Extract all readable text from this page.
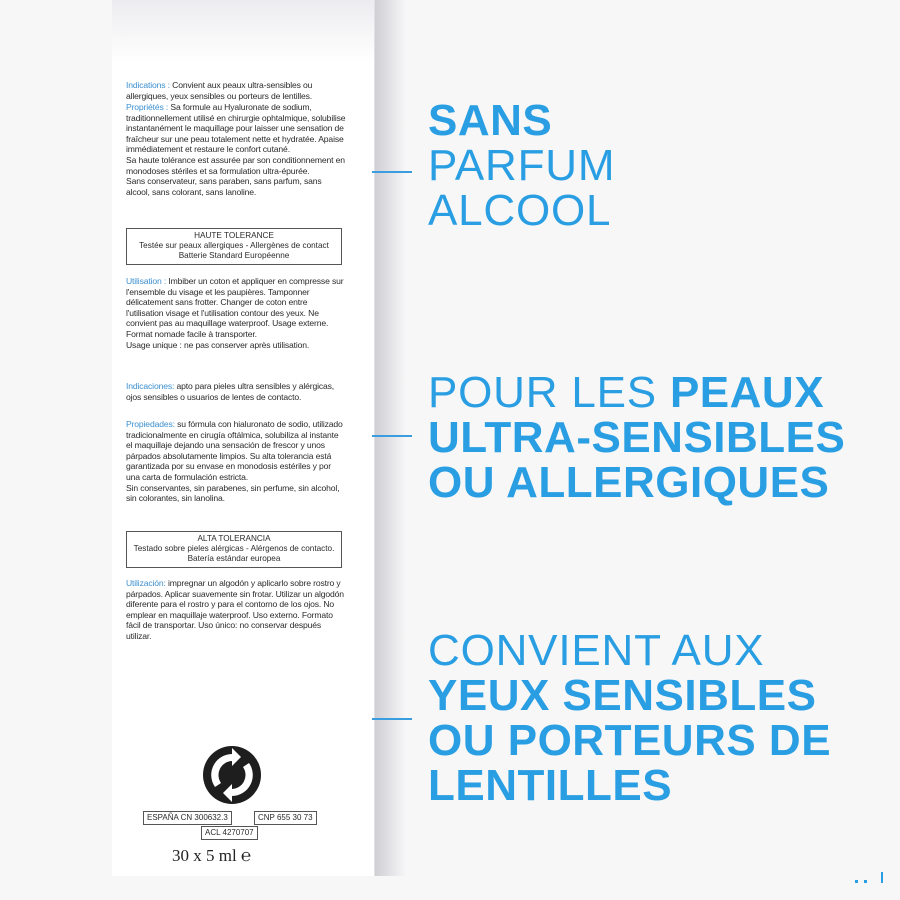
Indications : Convient aux peaux ultra-sensibles ou allergiques, yeux sensibles ou porteurs de lentilles.
Propriétés : Sa formule au Hyaluronate de sodium, traditionnellement utilisé en chirurgie ophtalmique, solubilise instantanément le maquillage pour laisser une sensation de fraîcheur sur une peau totalement nette et hydratée. Apaise immédiatement et restaure le confort cutané.
Sa haute tolérance est assurée par son conditionnement en monodoses stériles et sa formulation ultra-épurée.
Sans conservateur, sans paraben, sans parfum, sans alcool, sans colorant, sans lanoline.
HAUTE TOLERANCE
Testée sur peaux allergiques - Allergènes de contact Batterie Standard Européenne
Utilisation : Imbiber un coton et appliquer en compresse sur l'ensemble du visage et les paupières. Tamponner délicatement sans frotter. Changer de coton entre l'utilisation visage et l'utilisation contour des yeux. Ne convient pas au maquillage waterproof. Usage externe.
Format nomade facile à transporter.
Usage unique : ne pas conserver après utilisation.
Indicaciones: apto para pieles ultra sensibles y alérgicas, ojos sensibles o usuarios de lentes de contacto.
Propiedades: su fórmula con hialuronato de sodio, utilizado tradicionalmente en cirugía oftálmica, solubiliza al instante el maquillaje dejando una sensación de frescor y unos párpados absolutamente limpios. Su alta tolerancia está garantizada por su envase en monodosis estériles y por una carta de formulación estricta.
Sin conservantes, sin parabenes, sin perfume, sin alcohol, sin colorantes, sin lanolina.
ALTA TOLERANCIA
Testado sobre pieles alérgicas - Alérgenos de contacto. Batería estándar europea
Utilización: impregnar un algodón y aplicarlo sobre rostro y párpados. Aplicar suavemente sin frotar. Utilizar un algodón diferente para el rostro y para el contorno de los ojos. No emplear en maquillaje waterproof. Uso externo. Formato fácil de transportar. Uso único: no conservar después utilizar.
ESPAÑA CN 300632.3	CNP 655 30 73
ACL 4270707
30 x 5 ml ℮
SANS
PARFUM
ALCOOL
POUR LES PEAUX
ULTRA-SENSIBLES
OU ALLERGIQUES
CONVIENT AUX
YEUX SENSIBLES
OU PORTEURS DE
LENTILLES
